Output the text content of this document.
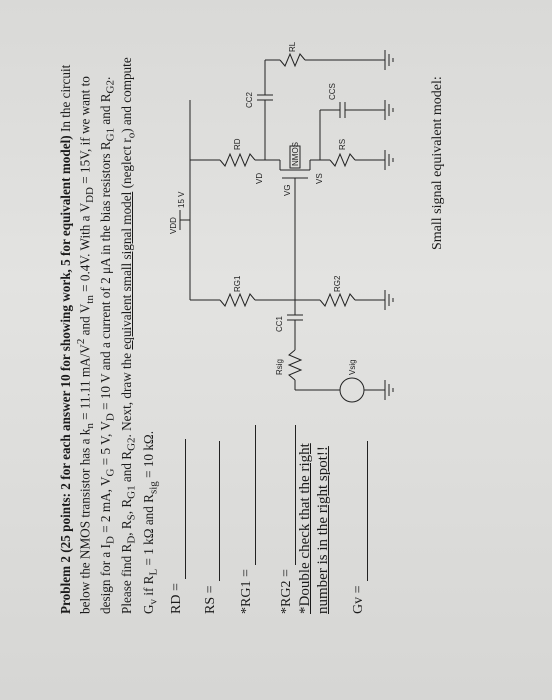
Problem 2 (25 points: 2 for each answer 10 for showing work, 5 for equivalent model) In the circuit below the NMOS transistor has a $k_n = 11.11$ $mA/V^2$ and $V_{tn} = 0.4V$. With a $V_{DD} = 15V$, if we want to design for a $I_D = 2$ mA, $V_G = 5$ V, $V_D = 10$ V and a current of 2 μA in the bias resistors $R_{G1}$ and $R_{G2}$. Please find $R_D$, $R_S$, $R_{G1}$ and $R_{G2}$. Next, draw the equivalent small signal model (neglect $r_o$) and compute $G_v$ if $R_L = 1$ kΩ and $R_{sig} = 10$ kΩ.
RD = RS = *RG1 = *RG2 = *Double check that the right number is in the right spot!! Gv =
VDD
15 V
RG1	RG2
RD	RS
CC1
CC2	CCS
Rsig	Vsig
VG
VD	VS
NMOS
RL
Small signal equivalent model:
